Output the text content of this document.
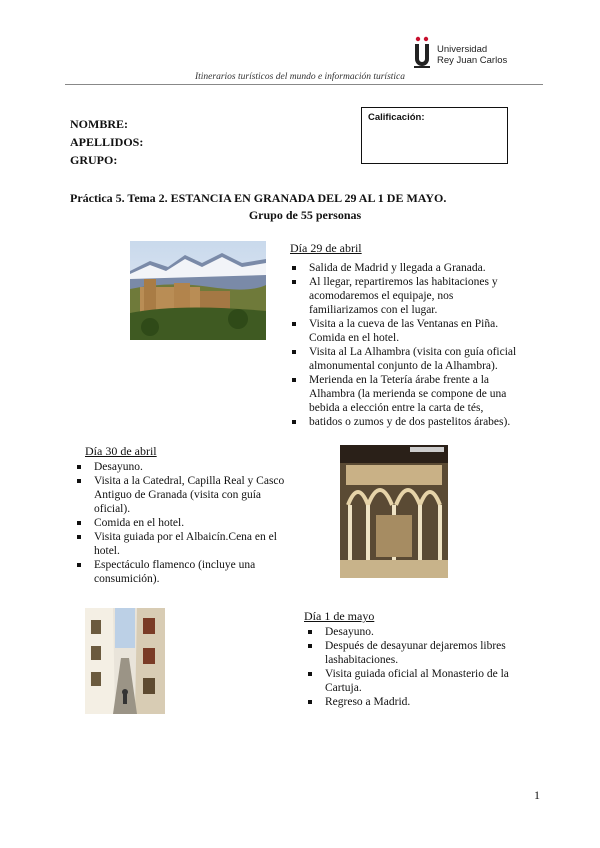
Universidad
Rey Juan Carlos
Itinerarios turísticos del mundo e información turística
NOMBRE:
APELLIDOS:
GRUPO:
Calificación:
Práctica 5. Tema 2. ESTANCIA EN GRANADA DEL 29 AL 1 DE MAYO.
Grupo de 55 personas
Día 29 de abril
Salida de Madrid y llegada a Granada.
Al llegar, repartiremos las habitaciones y acomodaremos el equipaje, nos familiarizamos con el lugar.
Visita a la cueva de las Ventanas en Piña. Comida en el hotel.
Visita al La Alhambra (visita con guía oficial almonumental conjunto de la Alhambra).
Merienda en la Tetería árabe frente a la Alhambra (la merienda se compone de una bebida a elección entre la carta de tés,
batidos o zumos y de dos pastelitos árabes).
Día 30 de abril
Desayuno.
Visita a la Catedral, Capilla Real y Casco Antiguo de Granada (visita con guía oficial).
Comida en el hotel.
Visita guiada por el Albaicín.Cena en el hotel.
Espectáculo flamenco (incluye una consumición).
Día 1 de mayo
Desayuno.
Después de desayunar dejaremos libres lashabitaciones.
Visita guiada oficial al Monasterio de la Cartuja.
Regreso a Madrid.
1
